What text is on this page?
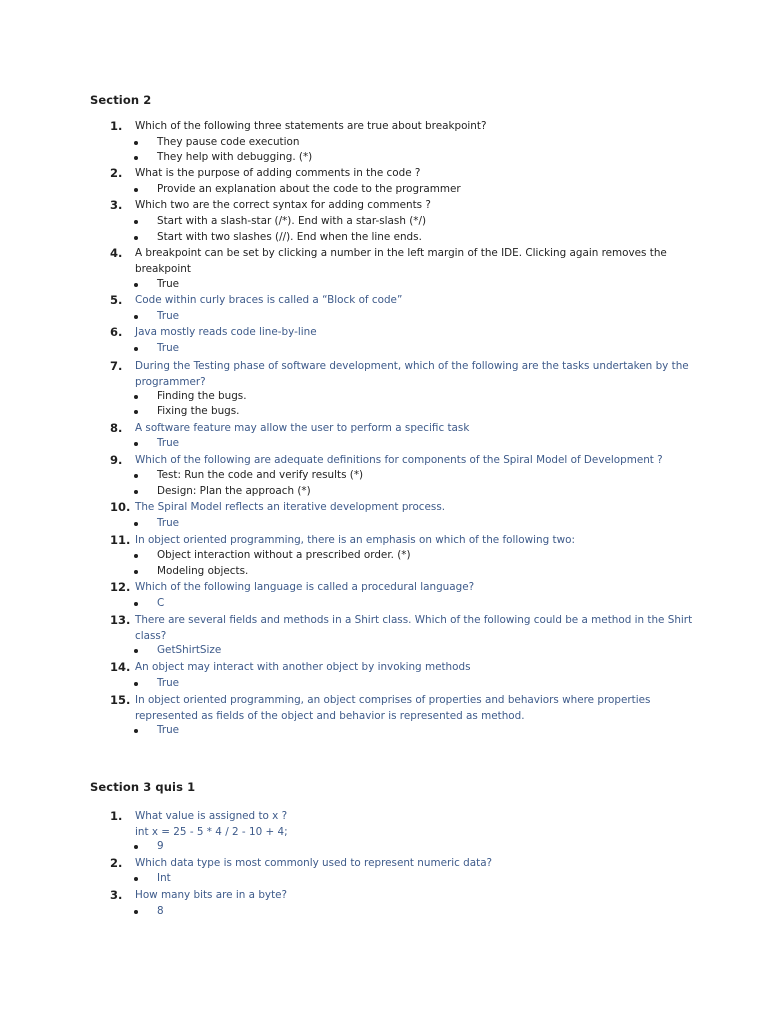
Section 2
1.	Which of the following three statements are true about breakpoint?
They pause code execution
They help with debugging. (*)
2.	What is the purpose of adding comments in the code ?
Provide an explanation about the code to the programmer
3.	Which two are the correct syntax for adding comments ?
Start with a slash-star (/*). End with a star-slash (*/)
Start with two slashes (//). End when the line ends.
4.	A breakpoint can be set by clicking a number in the left margin of the IDE. Clicking again removes the
breakpoint
True
5.	Code within curly braces is called a “Block of code”
True
6.	Java mostly reads code line-by-line
True
7.	During the Testing phase of software development, which of the following are the tasks undertaken by the
programmer?
Finding the bugs.
Fixing the bugs.
8.	A software feature may allow the user to perform a specific task
True
9.	Which of the following are adequate definitions for components of the Spiral Model of Development ?
Test: Run the code and verify results (*)
Design: Plan the approach (*)
10. The Spiral Model reflects an iterative development process.
True
11. In object oriented programming, there is an emphasis on which of the following two:
Object interaction without a prescribed order. (*)
Modeling objects.
12. Which of the following language is called a procedural language?
C
13. There are several fields and methods in a Shirt class. Which of the following could be a method in the Shirt
class?
GetShirtSize
14. An object may interact with another object by invoking methods
True
15. In object oriented programming, an object comprises of properties and behaviors where properties
represented as fields of the object and behavior is represented as method.
True
Section 3 quis 1
1.	What value is assigned to x ?
int x = 25 - 5 * 4 / 2 - 10 + 4;
9
2.	Which data type is most commonly used to represent numeric data?
Int
3.	How many bits are in a byte?
8
